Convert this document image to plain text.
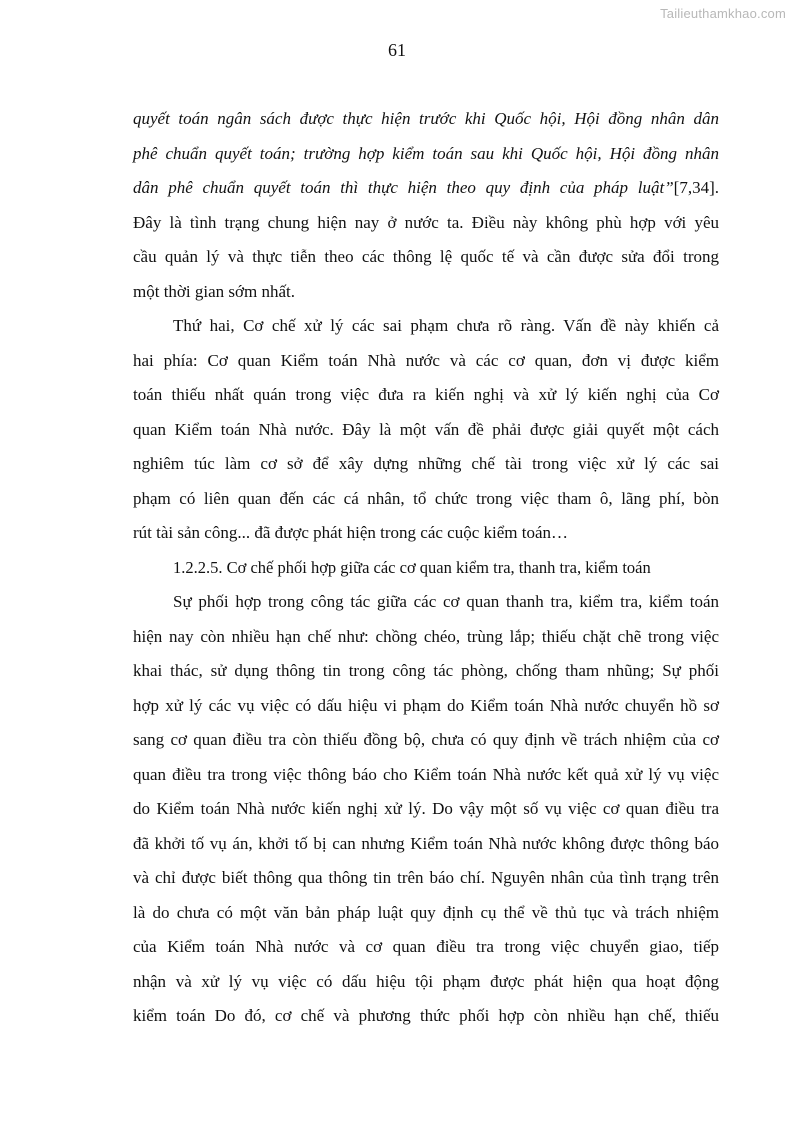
Tailieuthamkhao.com
61
quyết toán ngân sách được thực hiện trước khi Quốc hội, Hội đồng nhân dân
phê chuẩn quyết toán; trường hợp kiểm toán sau khi Quốc hội, Hội đồng nhân
dân phê chuẩn quyết toán thì thực hiện theo quy định của pháp luật”[7,34].
Đây là tình trạng chung hiện nay ở nước ta. Điều này không phù hợp với yêu
cầu quản lý và thực tiễn theo các thông lệ quốc tế và cần được sửa đổi trong
một thời gian sớm nhất.
Thứ hai, Cơ chế xử lý các sai phạm chưa rõ ràng. Vấn đề này khiến cả
hai phía: Cơ quan Kiểm toán Nhà nước và các cơ quan, đơn vị được kiểm
toán thiếu nhất quán trong việc đưa ra kiến nghị và xử lý kiến nghị của Cơ
quan Kiểm toán Nhà nước. Đây là một vấn đề phải được giải quyết một cách
nghiêm túc làm cơ sở để xây dựng những chế tài trong việc xử lý các sai
phạm có liên quan đến các cá nhân, tổ chức trong việc tham ô, lãng phí, bòn
rút tài sản công... đã được phát hiện trong các cuộc kiểm toán…
1.2.2.5. Cơ chế phối hợp giữa các cơ quan kiểm tra, thanh tra, kiểm toán
Sự phối hợp trong công tác giữa các cơ quan thanh tra, kiểm tra, kiểm toán
hiện nay còn nhiều hạn chế như: chồng chéo, trùng lắp; thiếu chặt chẽ trong việc
khai thác, sử dụng thông tin trong công tác phòng, chống tham nhũng; Sự phối
hợp xử lý các vụ việc có dấu hiệu vi phạm do Kiểm toán Nhà nước chuyển hồ sơ
sang cơ quan điều tra còn thiếu đồng bộ, chưa có quy định về trách nhiệm của cơ
quan điều tra trong việc thông báo cho Kiểm toán Nhà nước kết quả xử lý vụ việc
do Kiểm toán Nhà nước kiến nghị xử lý. Do vậy một số vụ việc cơ quan điều tra
đã khởi tố vụ án, khởi tố bị can nhưng Kiểm toán Nhà nước không được thông báo
và chỉ được biết thông qua thông tin trên báo chí. Nguyên nhân của tình trạng trên
là do chưa có một văn bản pháp luật quy định cụ thể về thủ tục và trách nhiệm
của Kiểm toán Nhà nước và cơ quan điều tra trong việc chuyển giao, tiếp
nhận và xử lý vụ việc có dấu hiệu tội phạm được phát hiện qua hoạt động
kiểm toán Do đó, cơ chế và phương thức phối hợp còn nhiều hạn chế, thiếu
